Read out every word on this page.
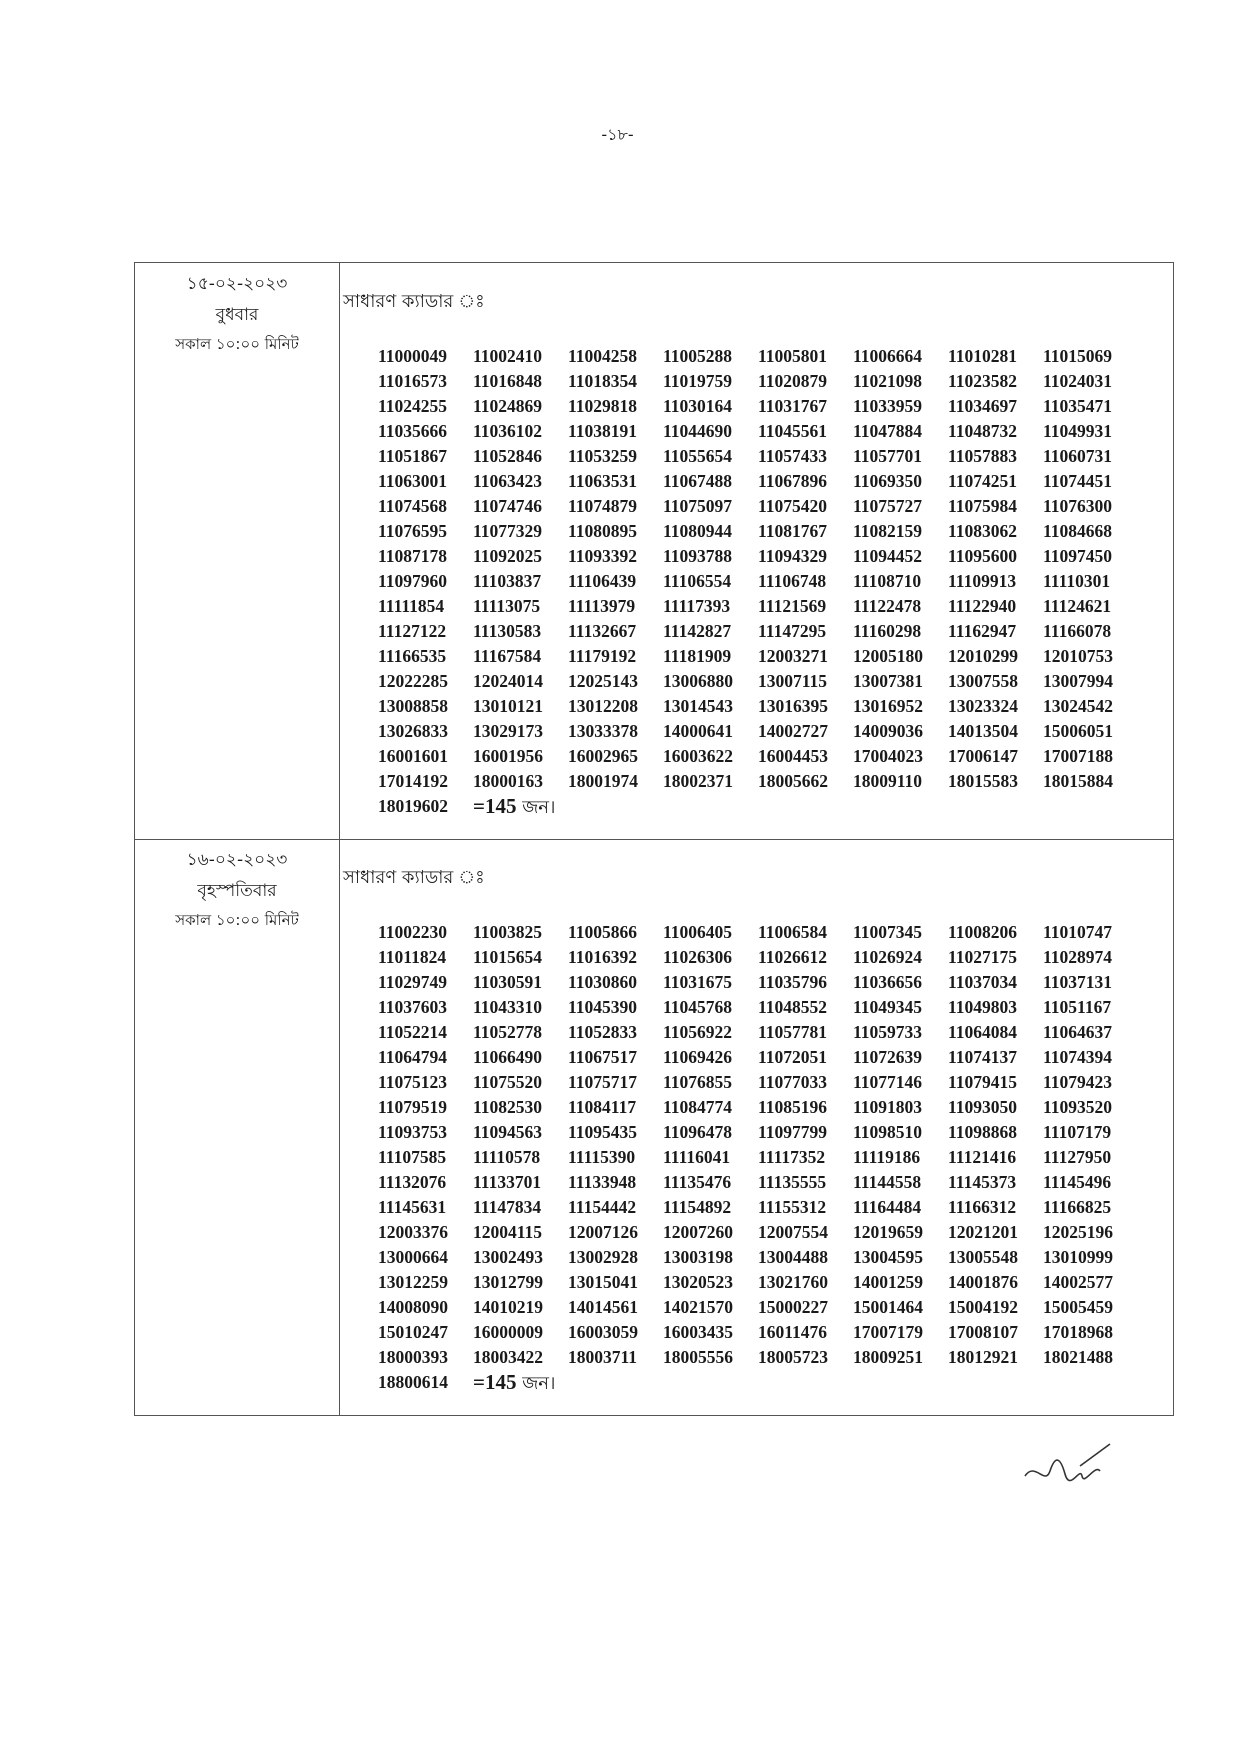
-১৮-
১৫-০২-২০২৩
বুধবার
সকাল ১০:০০ মিনিট
সাধারণ ক্যাডার ঃ
11000049	11002410	11004258	11005288	11005801	11006664	11010281	11015069
11016573	11016848	11018354	11019759	11020879	11021098	11023582	11024031
11024255	11024869	11029818	11030164	11031767	11033959	11034697	11035471
11035666	11036102	11038191	11044690	11045561	11047884	11048732	11049931
11051867	11052846	11053259	11055654	11057433	11057701	11057883	11060731
11063001	11063423	11063531	11067488	11067896	11069350	11074251	11074451
11074568	11074746	11074879	11075097	11075420	11075727	11075984	11076300
11076595	11077329	11080895	11080944	11081767	11082159	11083062	11084668
11087178	11092025	11093392	11093788	11094329	11094452	11095600	11097450
11097960	11103837	11106439	11106554	11106748	11108710	11109913	11110301
11111854	11113075	11113979	11117393	11121569	11122478	11122940	11124621
11127122	11130583	11132667	11142827	11147295	11160298	11162947	11166078
11166535	11167584	11179192	11181909	12003271	12005180	12010299	12010753
12022285	12024014	12025143	13006880	13007115	13007381	13007558	13007994
13008858	13010121	13012208	13014543	13016395	13016952	13023324	13024542
13026833	13029173	13033378	14000641	14002727	14009036	14013504	15006051
16001601	16001956	16002965	16003622	16004453	17004023	17006147	17007188
17014192	18000163	18001974	18002371	18005662	18009110	18015583	18015884
18019602	=145 জন।
১৬-০২-২০২৩
বৃহস্পতিবার
সকাল ১০:০০ মিনিট
সাধারণ ক্যাডার ঃ
11002230	11003825	11005866	11006405	11006584	11007345	11008206	11010747
11011824	11015654	11016392	11026306	11026612	11026924	11027175	11028974
11029749	11030591	11030860	11031675	11035796	11036656	11037034	11037131
11037603	11043310	11045390	11045768	11048552	11049345	11049803	11051167
11052214	11052778	11052833	11056922	11057781	11059733	11064084	11064637
11064794	11066490	11067517	11069426	11072051	11072639	11074137	11074394
11075123	11075520	11075717	11076855	11077033	11077146	11079415	11079423
11079519	11082530	11084117	11084774	11085196	11091803	11093050	11093520
11093753	11094563	11095435	11096478	11097799	11098510	11098868	11107179
11107585	11110578	11115390	11116041	11117352	11119186	11121416	11127950
11132076	11133701	11133948	11135476	11135555	11144558	11145373	11145496
11145631	11147834	11154442	11154892	11155312	11164484	11166312	11166825
12003376	12004115	12007126	12007260	12007554	12019659	12021201	12025196
13000664	13002493	13002928	13003198	13004488	13004595	13005548	13010999
13012259	13012799	13015041	13020523	13021760	14001259	14001876	14002577
14008090	14010219	14014561	14021570	15000227	15001464	15004192	15005459
15010247	16000009	16003059	16003435	16011476	17007179	17008107	17018968
18000393	18003422	18003711	18005556	18005723	18009251	18012921	18021488
18800614	=145 জন।
